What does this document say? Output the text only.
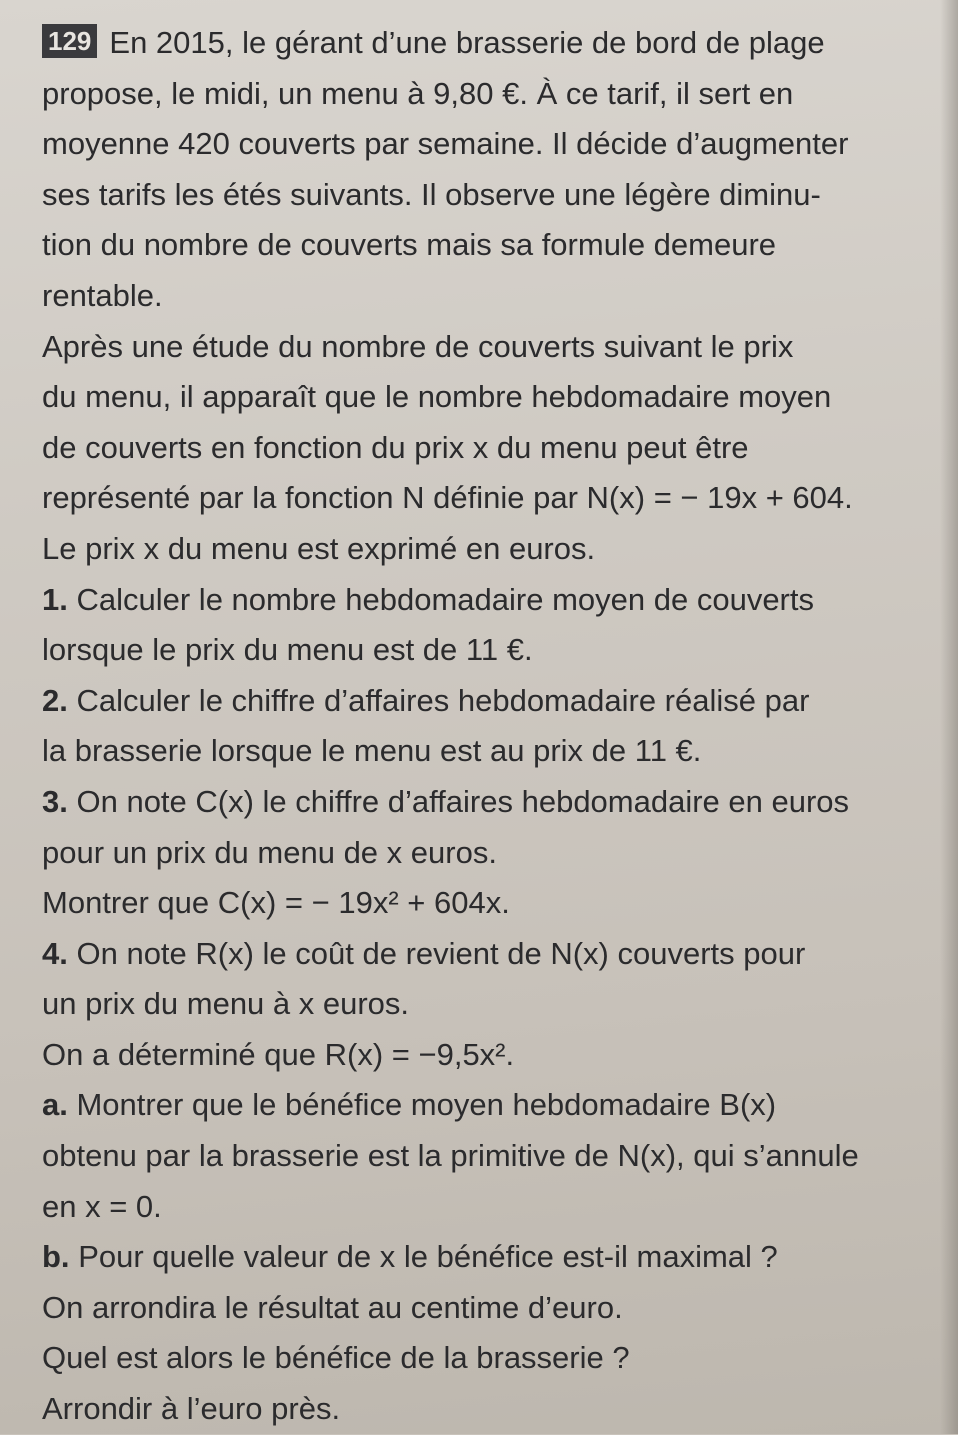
129 En 2015, le gérant d’une brasserie de bord de plage
propose, le midi, un menu à 9,80 €. À ce tarif, il sert en
moyenne 420 couverts par semaine. Il décide d’augmenter
ses tarifs les étés suivants. Il observe une légère diminu-
tion du nombre de couverts mais sa formule demeure
rentable.
Après une étude du nombre de couverts suivant le prix
du menu, il apparaît que le nombre hebdomadaire moyen
de couverts en fonction du prix x du menu peut être
représenté par la fonction N définie par N(x) = − 19x + 604.
Le prix x du menu est exprimé en euros.
1. Calculer le nombre hebdomadaire moyen de couverts
lorsque le prix du menu est de 11 €.
2. Calculer le chiffre d’affaires hebdomadaire réalisé par
la brasserie lorsque le menu est au prix de 11 €.
3. On note C(x) le chiffre d’affaires hebdomadaire en euros
pour un prix du menu de x euros.
Montrer que C(x) = − 19x² + 604x.
4. On note R(x) le coût de revient de N(x) couverts pour
un prix du menu à x euros.
On a déterminé que R(x) = −9,5x².
a. Montrer que le bénéfice moyen hebdomadaire B(x)
obtenu par la brasserie est la primitive de N(x), qui s’annule
en x = 0.
b. Pour quelle valeur de x le bénéfice est-il maximal ?
On arrondira le résultat au centime d’euro.
Quel est alors le bénéfice de la brasserie ?
Arrondir à l’euro près.
